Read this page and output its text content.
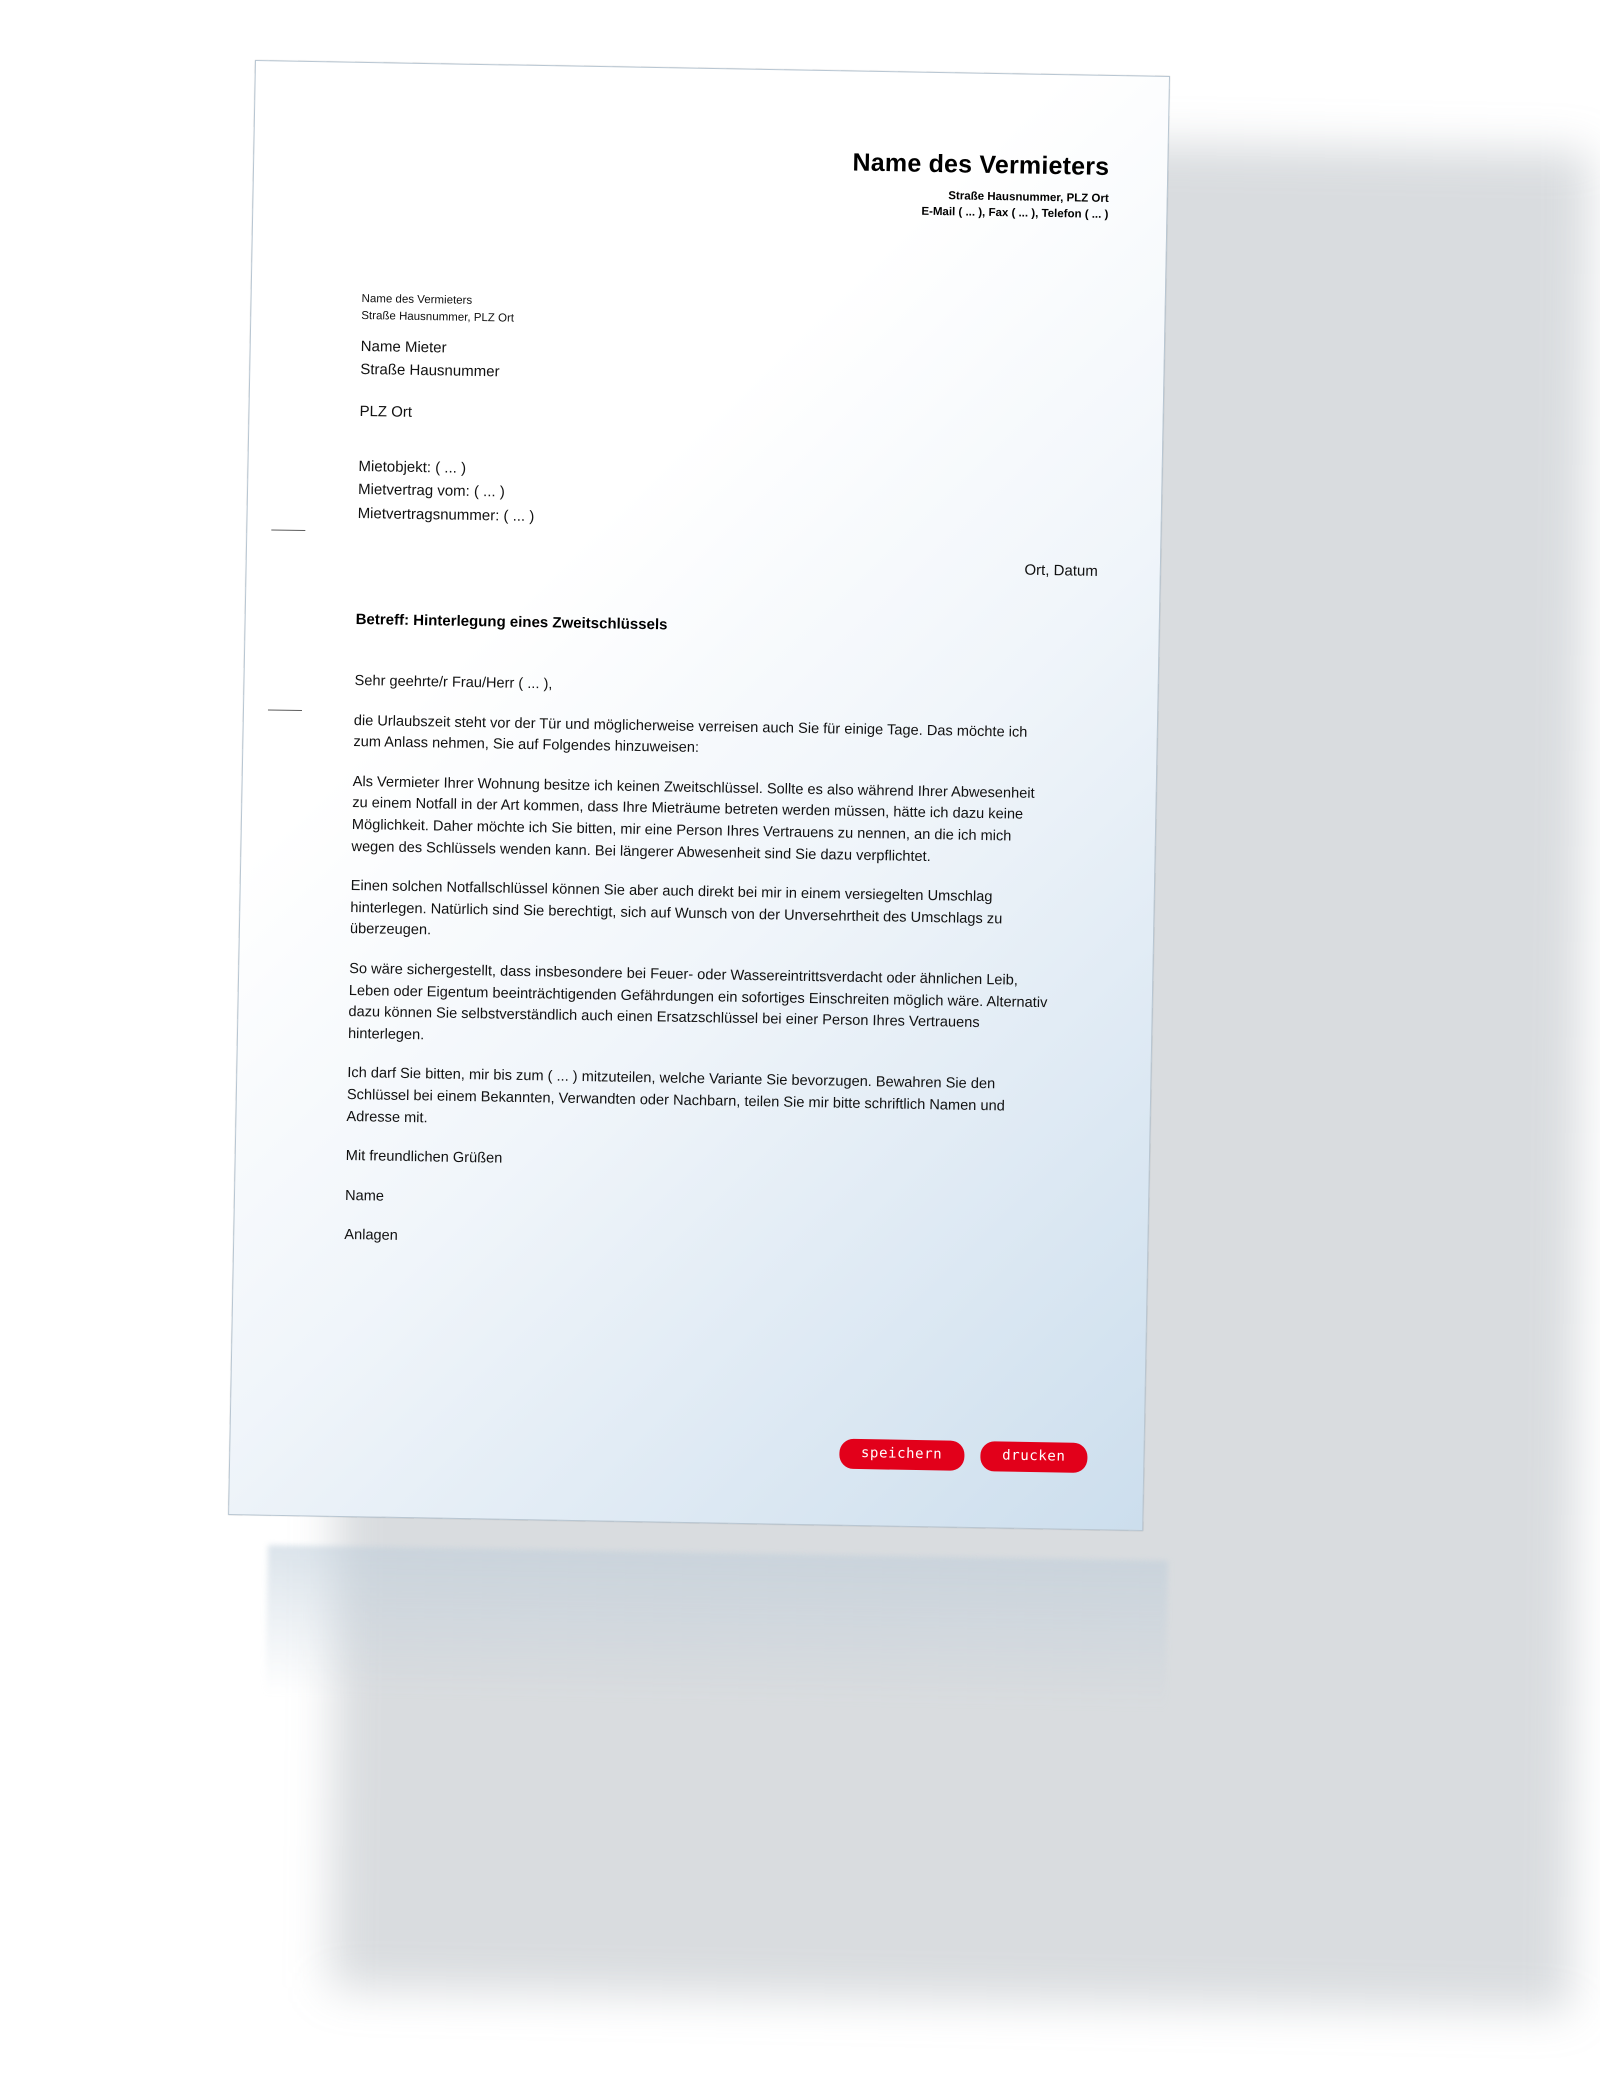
Name des Vermieters
Straße Hausnummer, PLZ Ort
E-Mail ( ... ), Fax ( ... ), Telefon ( ... )
Name des Vermieters
Straße Hausnummer, PLZ Ort
Name Mieter
Straße Hausnummer
PLZ Ort
Mietobjekt: ( ... )
Mietvertrag vom: ( ... )
Mietvertragsnummer: ( ... )
Ort, Datum
Betreff: Hinterlegung eines Zweitschlüssels

Sehr geehrte/r Frau/Herr ( ... ),

die Urlaubszeit steht vor der Tür und möglicherweise verreisen auch Sie für einige Tage. Das möchte ich zum Anlass nehmen, Sie auf Folgendes hinzuweisen:

Als Vermieter Ihrer Wohnung besitze ich keinen Zweitschlüssel. Sollte es also während Ihrer Abwesenheit zu einem Notfall in der Art kommen, dass Ihre Mieträume betreten werden müssen, hätte ich dazu keine Möglichkeit. Daher möchte ich Sie bitten, mir eine Person Ihres Vertrauens zu nennen, an die ich mich wegen des Schlüssels wenden kann. Bei längerer Abwesenheit sind Sie dazu verpflichtet.

Einen solchen Notfallschlüssel können Sie aber auch direkt bei mir in einem versiegelten Umschlag hinterlegen. Natürlich sind Sie berechtigt, sich auf Wunsch von der Unversehrtheit des Umschlags zu überzeugen.

So wäre sichergestellt, dass insbesondere bei Feuer- oder Wassereintrittsverdacht oder ähnlichen Leib, Leben oder Eigentum beeinträchtigenden Gefährdungen ein sofortiges Einschreiten möglich wäre. Alternativ dazu können Sie selbstverständlich auch einen Ersatzschlüssel bei einer Person Ihres Vertrauens hinterlegen.

Ich darf Sie bitten, mir bis zum ( ... ) mitzuteilen, welche Variante Sie bevorzugen. Bewahren Sie den Schlüssel bei einem Bekannten, Verwandten oder Nachbarn, teilen Sie mir bitte schriftlich Namen und Adresse mit.

Mit freundlichen Grüßen

Name

Anlagen

speichern	drucken
